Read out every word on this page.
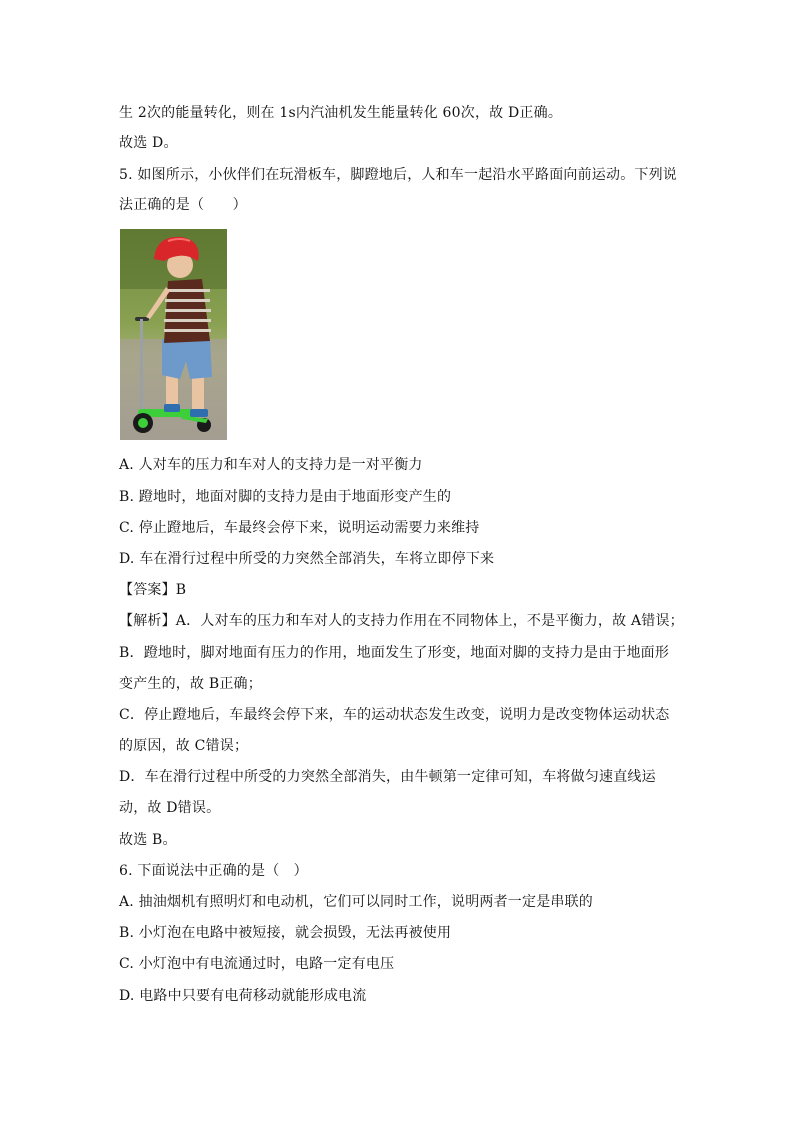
生 2次的能量转化，则在 1s内汽油机发生能量转化 60次，故 D正确。
故选 D。
5. 如图所示，小伙伴们在玩滑板车，脚蹬地后，人和车一起沿水平路面向前运动。下列说
法正确的是（　　）
A. 人对车的压力和车对人的支持力是一对平衡力
B. 蹬地时，地面对脚的支持力是由于地面形变产生的
C. 停止蹬地后，车最终会停下来，说明运动需要力来维持
D. 车在滑行过程中所受的力突然全部消失，车将立即停下来
【答案】B
【解析】A．人对车的压力和车对人的支持力作用在不同物体上，不是平衡力，故 A错误；
B．蹬地时，脚对地面有压力的作用，地面发生了形变，地面对脚的支持力是由于地面形
变产生的，故 B正确；
C．停止蹬地后，车最终会停下来，车的运动状态发生改变，说明力是改变物体运动状态
的原因，故 C错误；
D．车在滑行过程中所受的力突然全部消失，由牛顿第一定律可知，车将做匀速直线运
动，故 D错误。
故选 B。
6. 下面说法中正确的是（　）
A. 抽油烟机有照明灯和电动机，它们可以同时工作，说明两者一定是串联的
B. 小灯泡在电路中被短接，就会损毁，无法再被使用
C. 小灯泡中有电流通过时，电路一定有电压
D. 电路中只要有电荷移动就能形成电流
